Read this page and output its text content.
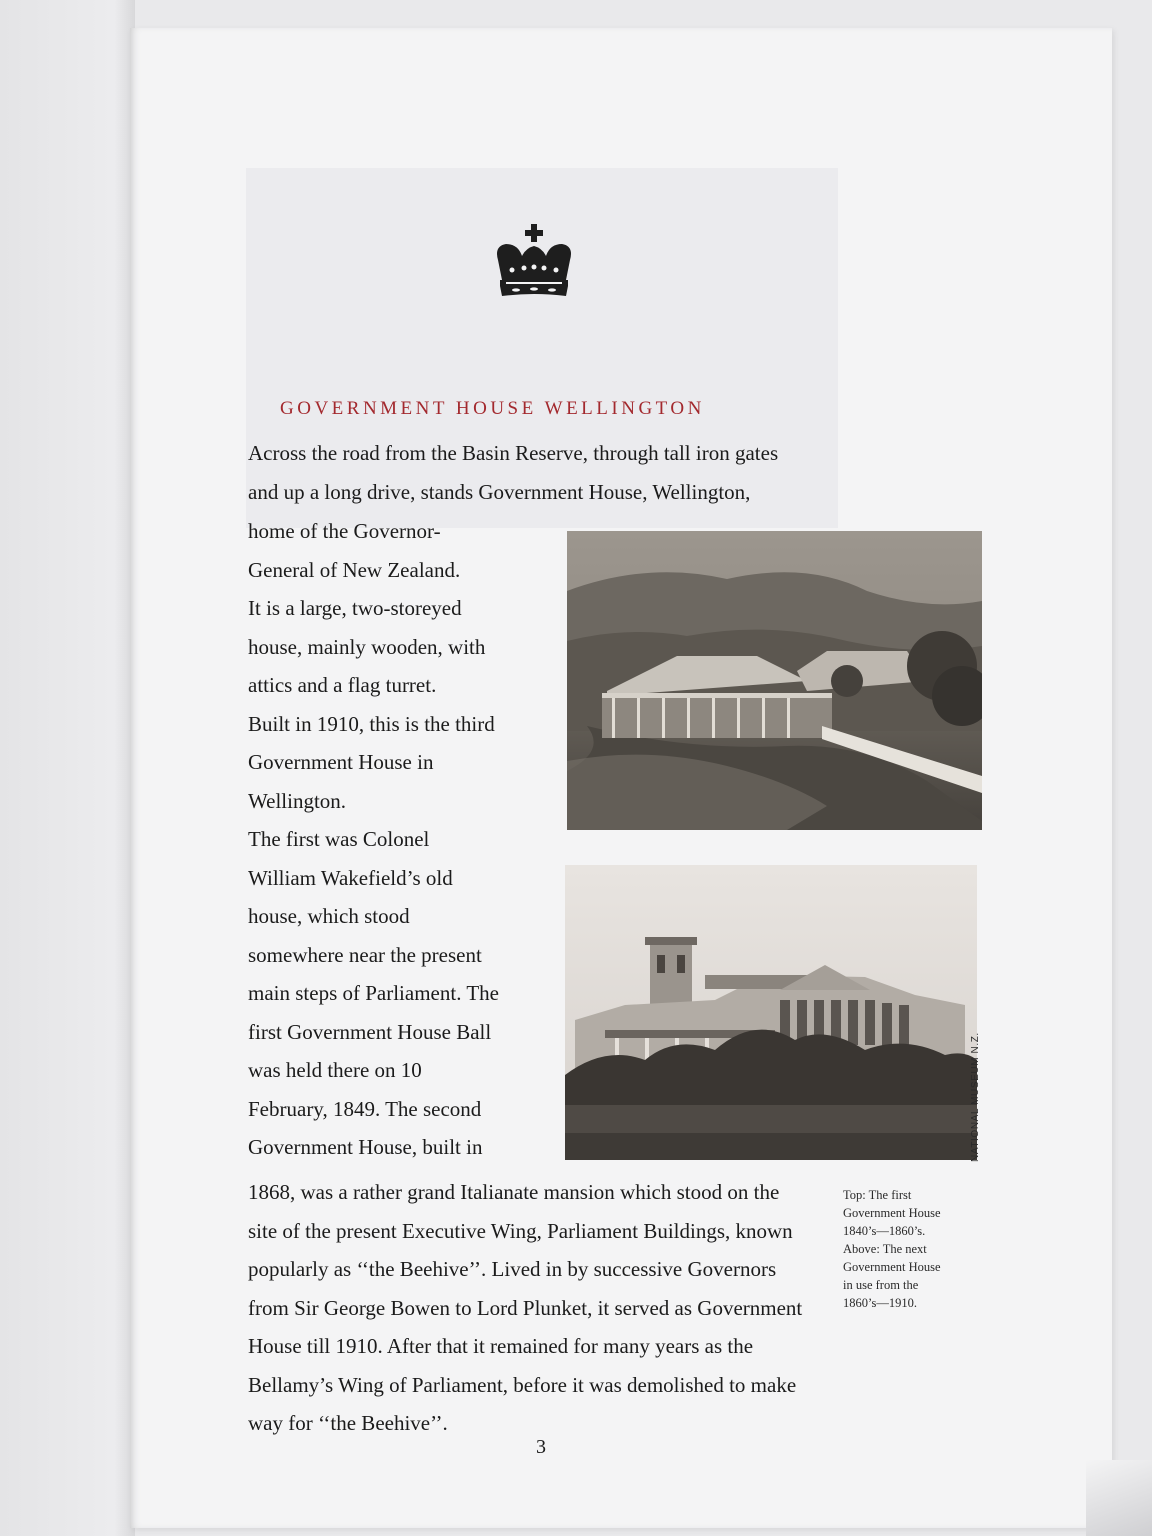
GOVERNMENT HOUSE WELLINGTON

Across the road from the Basin Reserve, through tall iron gates
and up a long drive, stands Government House, Wellington,

home of the Governor-
General of New Zealand.
It is a large, two-storeyed
house, mainly wooden, with
attics and a flag turret.
Built in 1910, this is the third
Government House in
Wellington.
The first was Colonel
William Wakefield’s old
house, which stood
somewhere near the present
main steps of Parliament. The
first Government House Ball
was held there on 10
February, 1849. The second
Government House, built in

1868, was a rather grand Italianate mansion which stood on the
site of the present Executive Wing, Parliament Buildings, known
popularly as ‘‘the Beehive’’. Lived in by successive Governors
from Sir George Bowen to Lord Plunket, it served as Government
House till 1910. After that it remained for many years as the
Bellamy’s Wing of Parliament, before it was demolished to make
way for ‘‘the Beehive’’.

NATIONAL MUSEUM N.Z.

Top: The first
Government House
1840’s—1860’s.
Above: The next
Government House
in use from the
1860’s—1910.

3
